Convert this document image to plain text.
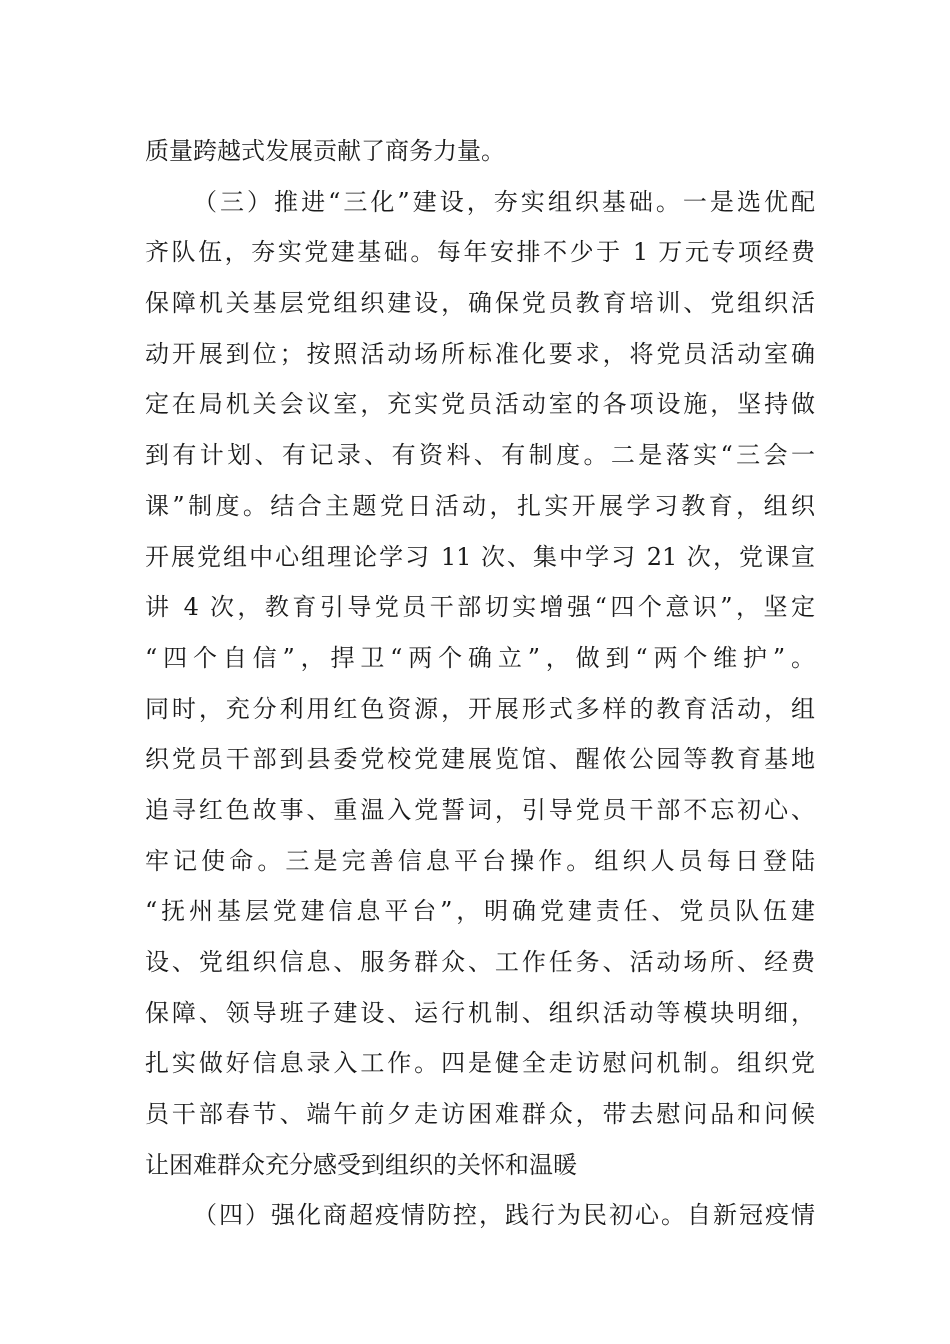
质量跨越式发展贡献了商务力量。
（三）推进“三化”建设，夯实组织基础。一是选优配
齐队伍，夯实党建基础。每年安排不少于 1 万元专项经费
保障机关基层党组织建设，确保党员教育培训、党组织活
动开展到位；按照活动场所标准化要求，将党员活动室确
定在局机关会议室，充实党员活动室的各项设施，坚持做
到有计划、有记录、有资料、有制度。二是落实“三会一
课”制度。结合主题党日活动，扎实开展学习教育，组织
开展党组中心组理论学习 11 次、集中学习 21 次，党课宣
讲 4 次，教育引导党员干部切实增强“四个意识”，坚定
“四个自信”，捍卫“两个确立”，做到“两个维护”。
同时，充分利用红色资源，开展形式多样的教育活动，组
织党员干部到县委党校党建展览馆、醒侬公园等教育基地
追寻红色故事、重温入党誓词，引导党员干部不忘初心、
牢记使命。三是完善信息平台操作。组织人员每日登陆
“抚州基层党建信息平台”，明确党建责任、党员队伍建
设、党组织信息、服务群众、工作任务、活动场所、经费
保障、领导班子建设、运行机制、组织活动等模块明细，
扎实做好信息录入工作。四是健全走访慰问机制。组织党
员干部春节、端午前夕走访困难群众，带去慰问品和问候
让困难群众充分感受到组织的关怀和温暖
（四）强化商超疫情防控，践行为民初心。自新冠疫情
